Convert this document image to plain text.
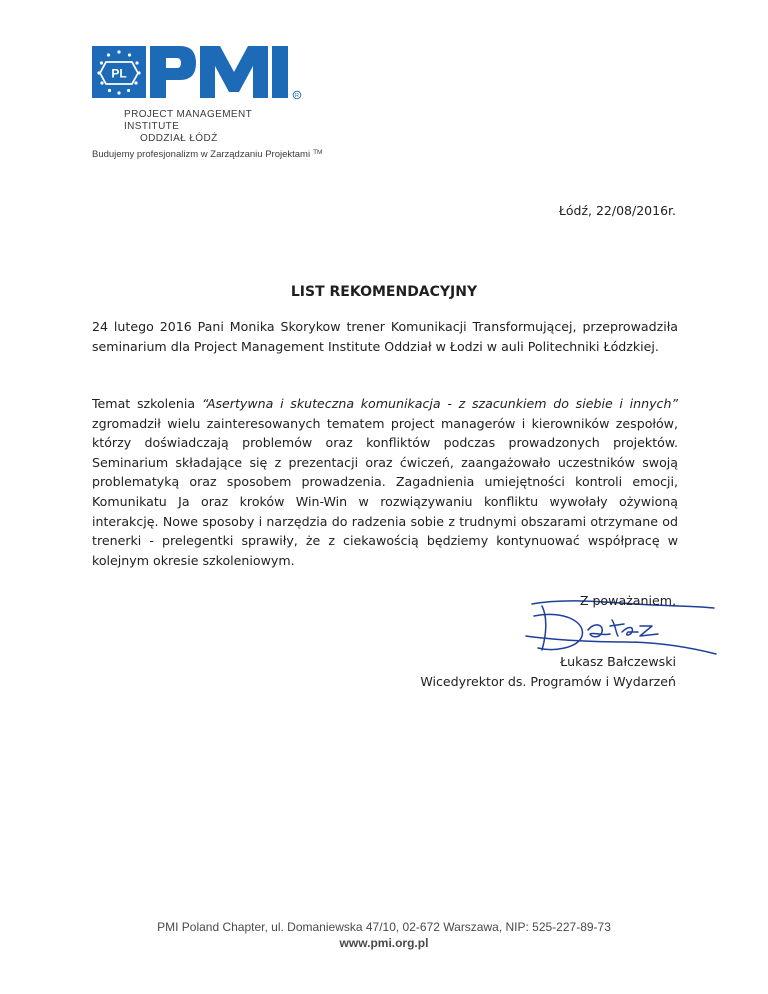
PL
R
PROJECT MANAGEMENT INSTITUTE
ODDZIAŁ ŁÓDŹ
Budujemy profesjonalizm w Zarządzaniu Projektami ™
Łódź, 22/08/2016r.
LIST REKOMENDACYJNY
24 lutego 2016 Pani Monika Skorykow trener Komunikacji Transformującej, przeprowadziła seminarium dla Project Management Institute Oddział w Łodzi w auli Politechniki Łódzkiej.
Temat szkolenia “Asertywna i skuteczna komunikacja - z szacunkiem do siebie i innych” zgromadził wielu zainteresowanych tematem project managerów i kierowników zespołów, którzy doświadczają problemów oraz konfliktów podczas prowadzonych projektów. Seminarium składające się z prezentacji oraz ćwiczeń, zaangażowało uczestników swoją problematyką oraz sposobem prowadzenia. Zagadnienia umiejętności kontroli emocji, Komunikatu Ja oraz kroków Win-Win w rozwiązywaniu konfliktu wywołały ożywioną interakcję. Nowe sposoby i narzędzia do radzenia sobie z trudnymi obszarami otrzymane od trenerki - prelegentki sprawiły, że z ciekawością będziemy kontynuować współpracę w kolejnym okresie szkoleniowym.
Z poważaniem,
Łukasz Bałczewski
Wicedyrektor ds. Programów i Wydarzeń
PMI Poland Chapter, ul. Domaniewska 47/10, 02-672 Warszawa, NIP: 525-227-89-73
www.pmi.org.pl
